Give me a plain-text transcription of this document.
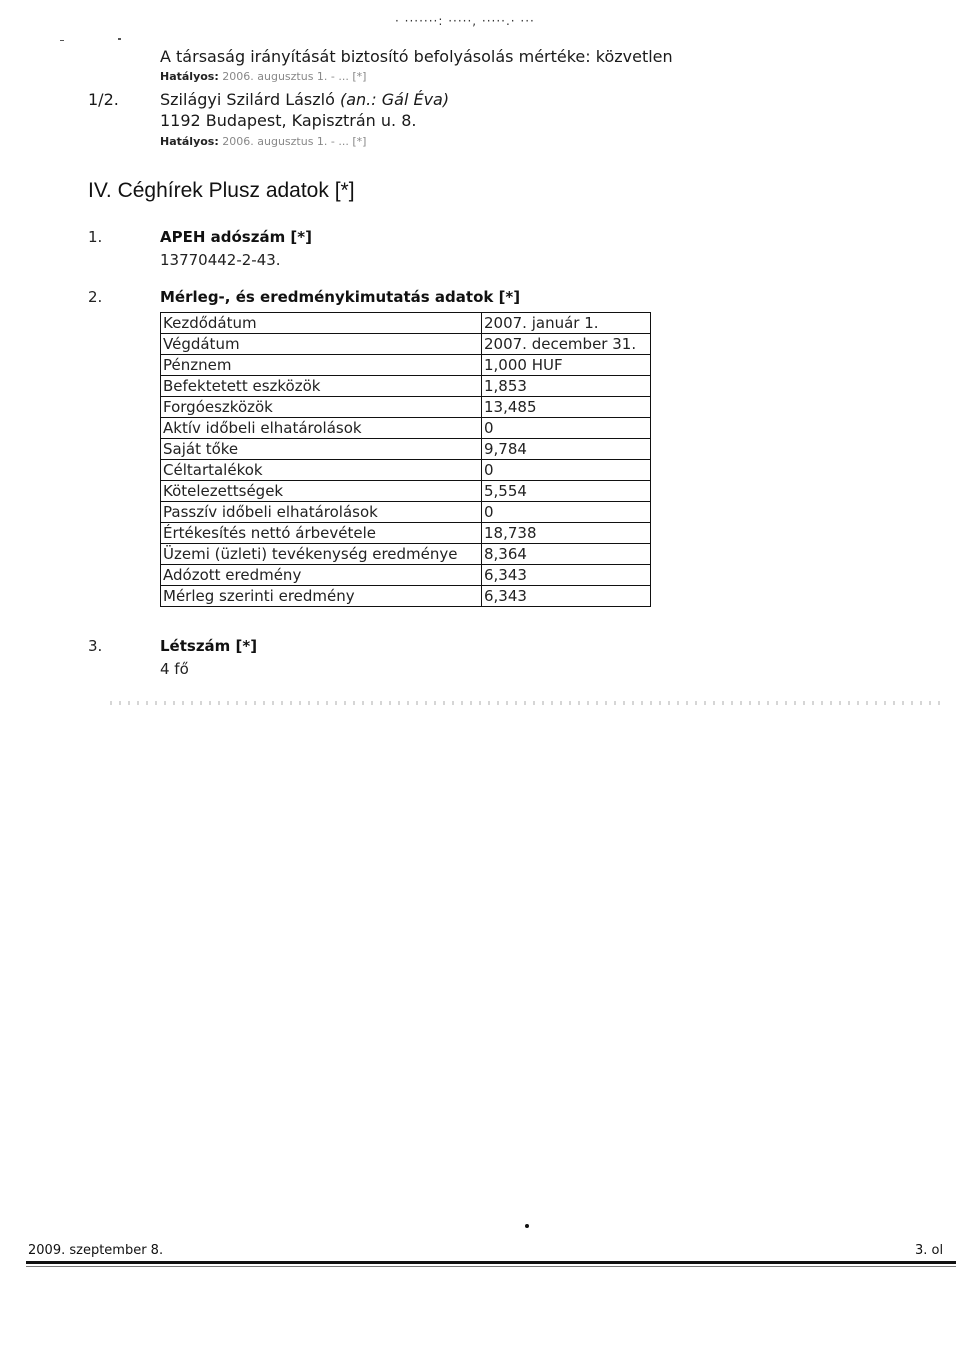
· ·······: ·····, ·····.· ···
A társaság irányítását biztosító befolyásolás mértéke: közvetlen
Hatályos: 2006. augusztus 1. - ... [*]
1/2.	Szilágyi Szilárd László (an.: Gál Éva)
1192 Budapest, Kapisztrán u. 8.
Hatályos: 2006. augusztus 1. - ... [*]
IV. Céghírek Plusz adatok [*]
1.	APEH adószám [*]
13770442-2-43.
2.	Mérleg-, és eredménykimutatás adatok [*]
Kezdődátum	2007. január 1.
Végdátum	2007. december 31.
Pénznem	1,000 HUF
Befektetett eszközök	1,853
Forgóeszközök	13,485
Aktív időbeli elhatárolások	0
Saját tőke	9,784
Céltartalékok	0
Kötelezettségek	5,554
Passzív időbeli elhatárolások	0
Értékesítés nettó árbevétele	18,738
Üzemi (üzleti) tevékenység eredménye	8,364
Adózott eredmény	6,343
Mérleg szerinti eredmény	6,343
3.	Létszám [*]
4 fő
2009. szeptember 8.	3. ol
